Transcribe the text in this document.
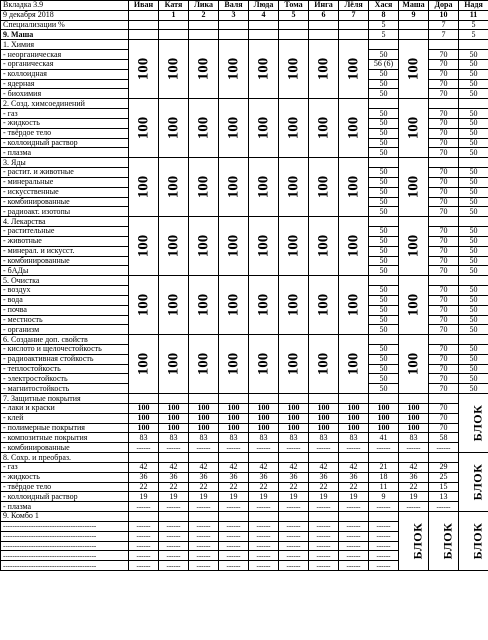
Вкладка 3.9	Иван	Катя	Лика	Валя	Люда	Тома	Инга	Лёля	Хася	Маша	Дора	Надя
9 декабря 2018		1	2	3	4	5	6	7	8	9	10	11
Специализации %									5		7	5
9. Маша									5		7	5
1. Химия	100	100	100	100	100	100	100	100		100		
- неорганическая									50		70	50
- органическая									56 (6)		70	50
- коллоидная									50		70	50
- ядерная									50		70	50
- биохимия									50		70	50
2. Созд. химсоединений	100	100	100	100	100	100	100	100		100		
- газ									50		70	50
- жидкость									50		70	50
- твёрдое тело									50		70	50
- коллоидный раствор									50		70	50
- плазма									50		70	50
3. Яды	100	100	100	100	100	100	100	100		100		
- растит. и животные									50		70	50
- минеральные									50		70	50
- искусственные									50		70	50
- комбинированные									50		70	50
- радиоакт. изотопы									50		70	50
4. Лекарства	100	100	100	100	100	100	100	100		100		
- растительные									50		70	50
- животные									50		70	50
- минерал. и искусст.									50		70	50
- комбинированные									50		70	50
- бАДы									50		70	50
5. Очистка	100	100	100	100	100	100	100	100		100		
- воздух									50		70	50
- вода									50		70	50
- почва									50		70	50
- местность									50		70	50
- организм									50		70	50
6. Создание доп. свойств	100	100	100	100	100	100	100	100		100		
- кислото и щелочестойкость									50		70	50
- радиоактивная стойкость									50		70	50
- теплостойкость									50		70	50
- электростойкость									50		70	50
- магнитостойкость									50		70	50
7. Защитные покрытия												БЛОК
- лаки и краски	100	100	100	100	100	100	100	100	100	100	70	
- клей	100	100	100	100	100	100	100	100	100	100	70	
- полимерные покрытия	100	100	100	100	100	100	100	100	100	100	70	
- композитные покрытия	83	83	83	83	83	83	83	83	41	83	58	
- комбинированные	------	------	------	------	------	------	------	------	------	------	------	
8. Сохр. и преобраз.												БЛОК
- газ	42	42	42	42	42	42	42	42	21	42	29	
- жидкость	36	36	36	36	36	36	36	36	18	36	25	
- твёрдое тело	22	22	22	22	22	22	22	22	11	22	15	
- коллоидный раствор	19	19	19	19	19	19	19	19	9	19	13	
- плазма	------	------	------	------	------	------	------	------	------	------	------	
9. Комбо 1										БЛОК	БЛОК	БЛОК
----------------------------------------	------	------	------	------	------	------	------	------	------			
----------------------------------------	------	------	------	------	------	------	------	------	------			
----------------------------------------	------	------	------	------	------	------	------	------	------			
----------------------------------------	------	------	------	------	------	------	------	------	------			
----------------------------------------	------	------	------	------	------	------	------	------	------			
